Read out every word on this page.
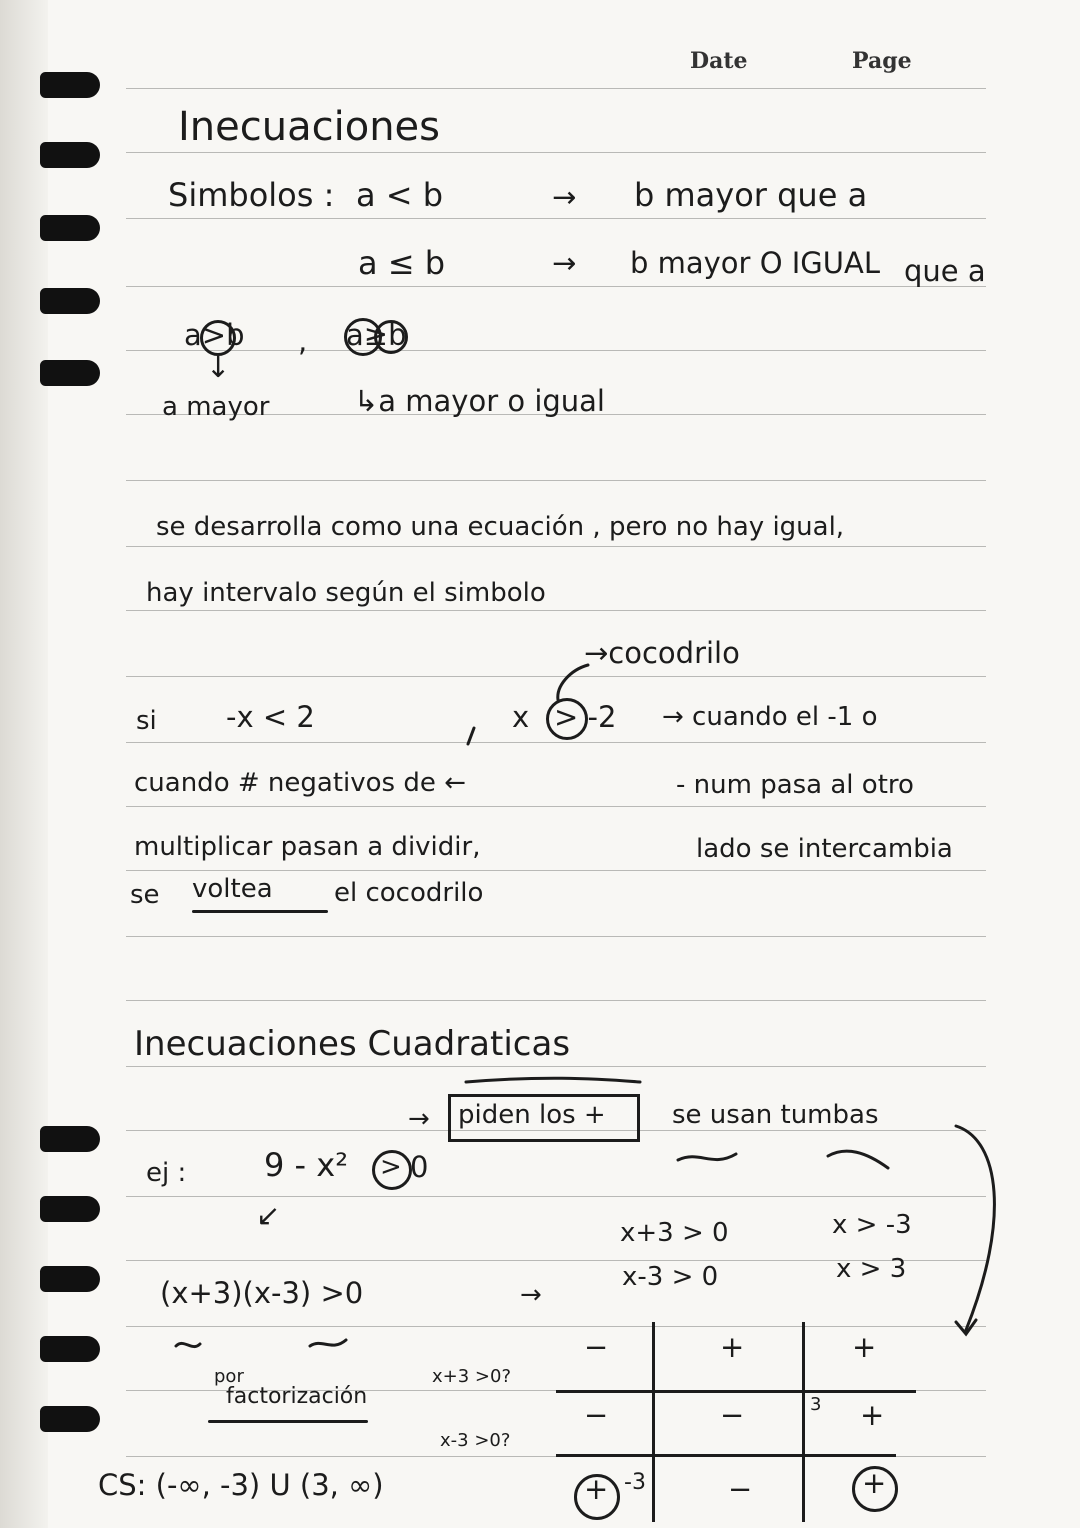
Date	Page
Inecuaciones
Simbolos : a < b	→ b mayor que a
a ≤ b	→ b mayor O IGUAL que a
a>b , a≥b
↓
a mayor	↳a mayor o igual
se desarrolla como una ecuación , pero no hay igual,
hay intervalo según el simbolo
→cocodrilo
si -x < 2	x > -2 → cuando el -1 o
- num pasa al otro
lado se intercambia
cuando # negativos de ←
multiplicar pasan a dividir,
se voltea el cocodrilo
Inecuaciones Cuadraticas
→ piden los +	se usan tumbas
ej : 9 - x² > 0
↙
(x+3)(x-3) >0	→
por
factorización
x+3 > 0	x > -3
x-3 > 0	x > 3
x+3 >0?
x-3 >0?
−	+	+
−	−	+
+	−	+
-3
3
CS: (-∞, -3) U (3, ∞)
